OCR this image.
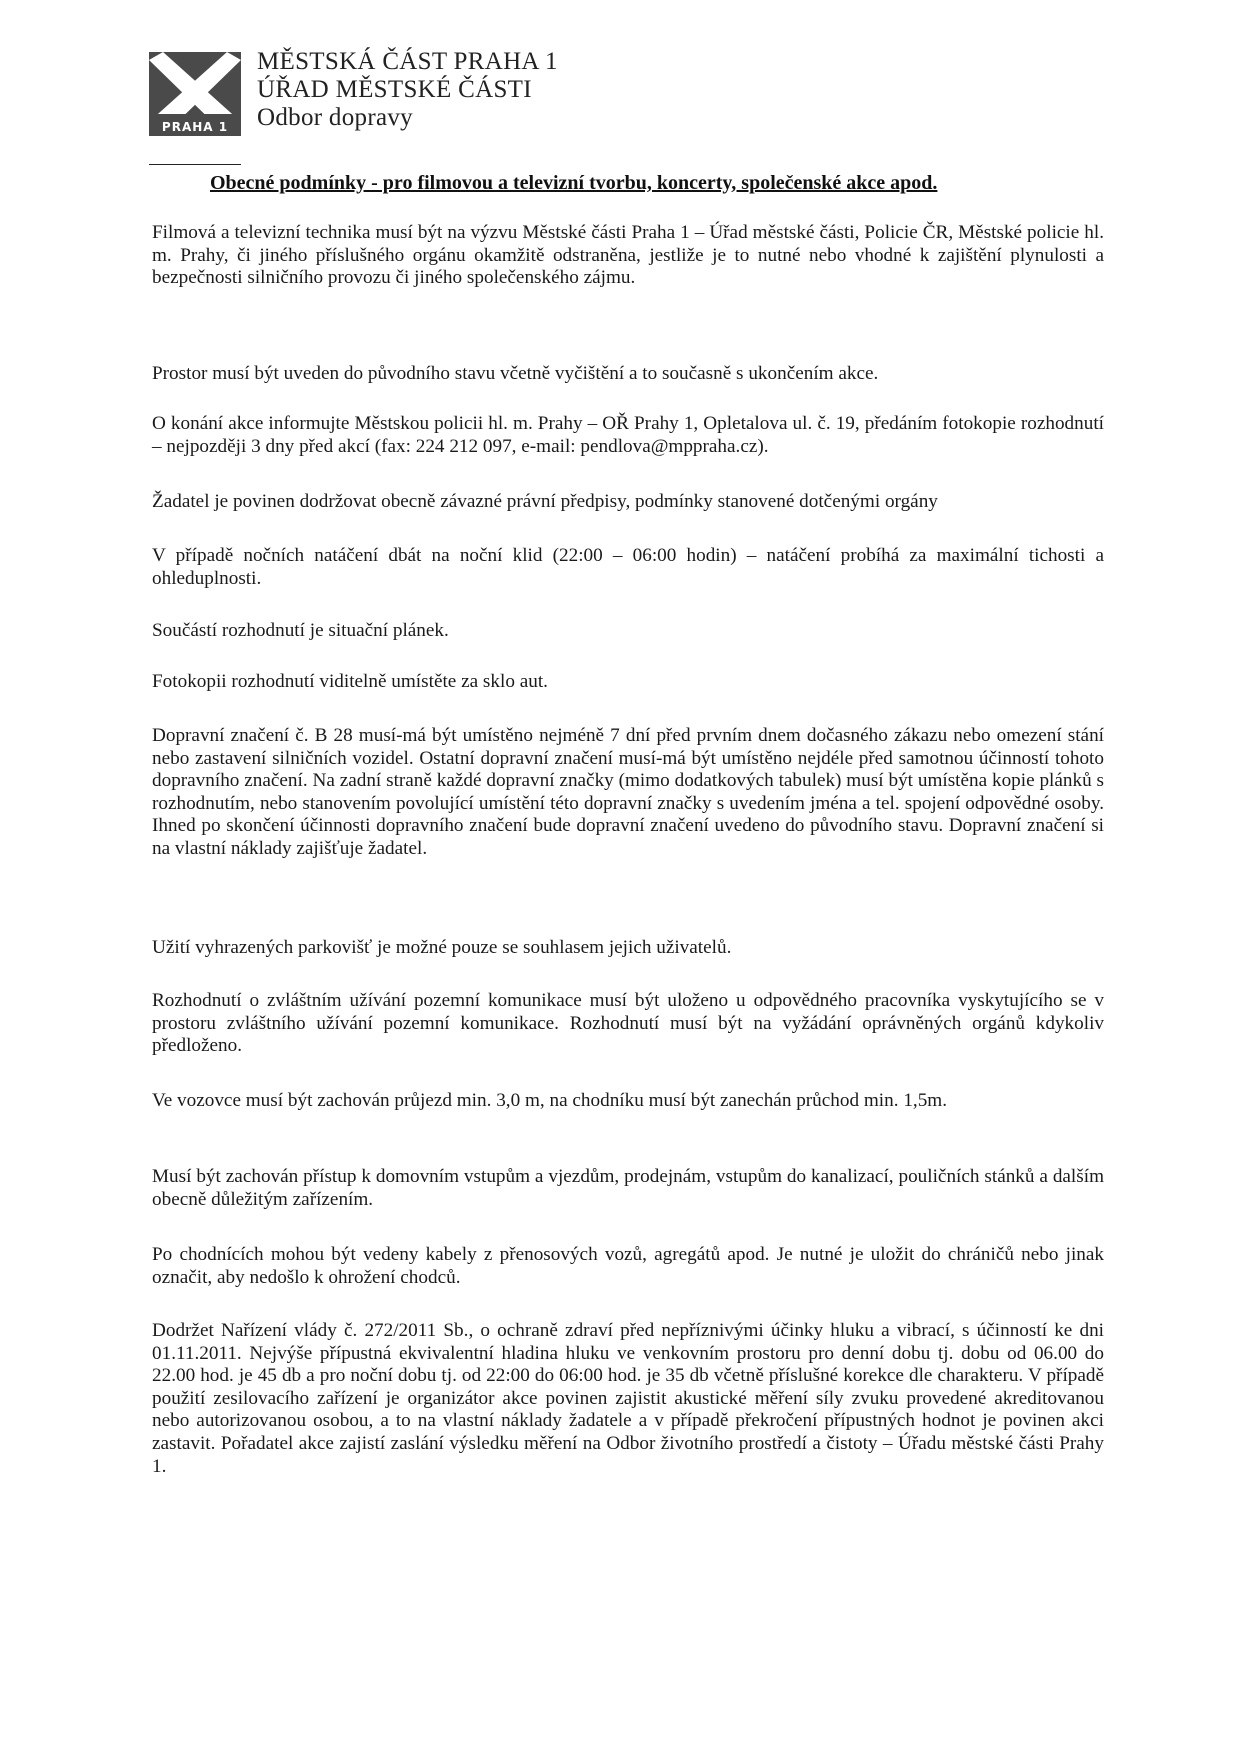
PRAHA 1
MĚSTSKÁ ČÁST PRAHA 1
ÚŘAD MĚSTSKÉ ČÁSTI
Odbor dopravy
Obecné podmínky - pro filmovou a televizní tvorbu, koncerty, společenské akce apod.
Filmová a televizní technika musí být na výzvu Městské části Praha 1 – Úřad městské části, Policie ČR, Městské policie hl. m. Prahy, či jiného příslušného orgánu okamžitě odstraněna, jestliže je to nutné nebo vhodné k zajištění plynulosti a bezpečnosti silničního provozu či jiného společenského zájmu.
Prostor musí být uveden do původního stavu včetně vyčištění a to současně s ukončením akce.
O konání akce informujte Městskou policii hl. m. Prahy – OŘ Prahy 1, Opletalova ul. č. 19, předáním fotokopie rozhodnutí – nejpozději 3 dny před akcí (fax: 224 212 097, e-mail: pendlova@mppraha.cz).
Žadatel je povinen dodržovat obecně závazné právní předpisy, podmínky stanovené dotčenými orgány
V případě nočních natáčení dbát na noční klid (22:00 – 06:00 hodin) – natáčení probíhá za maximální tichosti a ohleduplnosti.
Součástí rozhodnutí je situační plánek.
Fotokopii rozhodnutí viditelně umístěte za sklo aut.
Dopravní značení č. B 28 musí-má být umístěno nejméně 7 dní před prvním dnem dočasného zákazu nebo omezení stání nebo zastavení silničních vozidel. Ostatní dopravní značení musí-má být umístěno nejdéle před samotnou účinností tohoto dopravního značení. Na zadní straně každé dopravní značky (mimo dodatkových tabulek) musí být umístěna kopie plánků s rozhodnutím, nebo stanovením povolující umístění této dopravní značky s uvedením jména a tel. spojení odpovědné osoby. Ihned po skončení účinnosti dopravního značení bude dopravní značení uvedeno do původního stavu. Dopravní značení si na vlastní náklady zajišťuje žadatel.
Užití vyhrazených parkovišť je možné pouze se souhlasem jejich uživatelů.
Rozhodnutí o zvláštním užívání pozemní komunikace musí být uloženo u odpovědného pracovníka vyskytujícího se v prostoru zvláštního užívání pozemní komunikace. Rozhodnutí musí být na vyžádání oprávněných orgánů kdykoliv předloženo.
Ve vozovce musí být zachován průjezd min. 3,0 m, na chodníku musí být zanechán průchod min. 1,5m.
Musí být zachován přístup k domovním vstupům a vjezdům, prodejnám, vstupům do kanalizací, pouličních stánků a dalším obecně důležitým zařízením.
Po chodnících mohou být vedeny kabely z přenosových vozů, agregátů apod. Je nutné je uložit do chráničů nebo jinak označit, aby nedošlo k ohrožení chodců.
Dodržet Nařízení vlády č. 272/2011 Sb., o ochraně zdraví před nepříznivými účinky hluku a vibrací, s účinností ke dni 01.11.2011. Nejvýše přípustná ekvivalentní hladina hluku ve venkovním prostoru pro denní dobu tj. dobu od 06.00 do 22.00 hod. je 45 db a pro noční dobu tj. od 22:00 do 06:00 hod. je 35 db včetně příslušné korekce dle charakteru. V případě použití zesilovacího zařízení je organizátor akce povinen zajistit akustické měření síly zvuku provedené akreditovanou nebo autorizovanou osobou, a to na vlastní náklady žadatele a v případě překročení přípustných hodnot je povinen akci zastavit. Pořadatel akce zajistí zaslání výsledku měření na Odbor životního prostředí a čistoty – Úřadu městské části Prahy 1.
